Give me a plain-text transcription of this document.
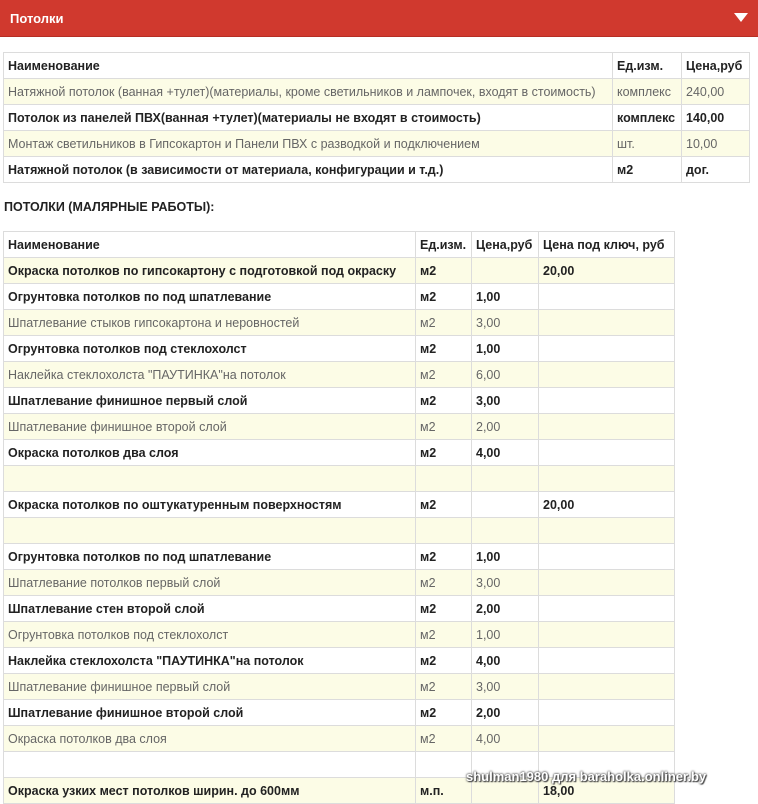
Потолки
Наименование	Ед.изм.	Цена,руб
Натяжной потолок (ванная +тулет)(материалы, кроме светильников и лампочек, входят в стоимость)	комплекс	240,00
Потолок из панелей ПВХ(ванная +тулет)(материалы не входят в стоимость)	комплекс	140,00
Монтаж светильников в Гипсокартон и Панели ПВХ с разводкой и подключением	шт.	10,00
Натяжной потолок (в зависимости от материала, конфигурации и т.д.)	м2	дог.
ПОТОЛКИ (МАЛЯРНЫЕ РАБОТЫ):
Наименование	Ед.изм.	Цена,руб	Цена под ключ, руб
Окраска потолков по гипсокартону с подготовкой под окраску	м2		20,00
Огрунтовка потолков по под шпатлевание	м2	1,00	
Шпатлевание стыков гипсокартона и неровностей	м2	3,00	
Огрунтовка потолков под стеклохолст	м2	1,00	
Наклейка стеклохолста "ПАУТИНКА"на потолок	м2	6,00	
Шпатлевание финишное первый слой	м2	3,00	
Шпатлевание финишное второй слой	м2	2,00	
Окраска потолков два слоя	м2	4,00	

Окраска потолков по оштукатуренным поверхностям	м2		20,00

Огрунтовка потолков по под шпатлевание	м2	1,00	
Шпатлевание потолков первый слой	м2	3,00	
Шпатлевание стен второй слой	м2	2,00	
Огрунтовка потолков под стеклохолст	м2	1,00	
Наклейка стеклохолста "ПАУТИНКА"на потолок	м2	4,00	
Шпатлевание финишное первый слой	м2	3,00	
Шпатлевание финишное второй слой	м2	2,00	
Окраска потолков два слоя	м2	4,00	

Окраска узких мест потолков ширин. до 600мм	м.п.		18,00
shulman1980 для baraholka.onliner.by
